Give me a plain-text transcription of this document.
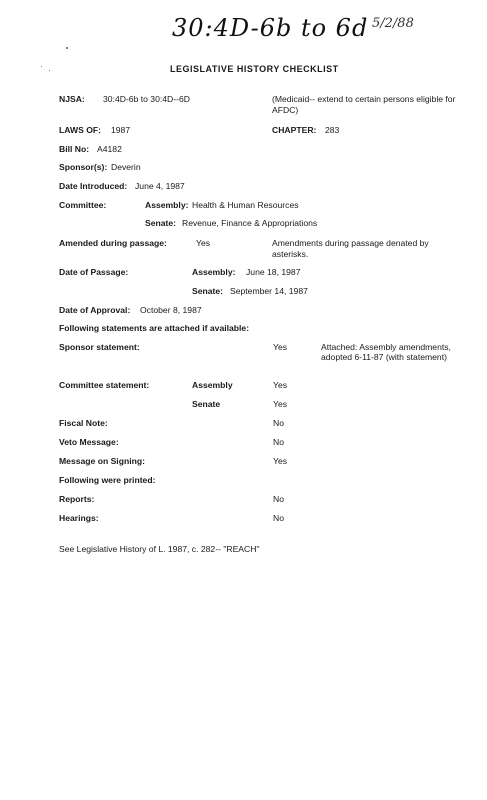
30:4D-6b to 6d 5/2/88
LEGISLATIVE HISTORY CHECKLIST
NJSA: 30:4D-6b to 30:4D--6D	(Medicaid-- extend to certain persons eligible for AFDC)
LAWS OF: 1987	CHAPTER: 283
Bill No: A4182
Sponsor(s): Deverin
Date Introduced: June 4, 1987
Committee:	Assembly: Health & Human Resources
Senate: Revenue, Finance & Appropriations
Amended during passage:	Yes	Amendments during passage denated by asterisks.
Date of Passage:	Assembly: June 18, 1987
Senate: September 14, 1987
Date of Approval: October 8, 1987
Following statements are attached if available:
Sponsor statement:	Yes	Attached: Assembly amendments, adopted 6-11-87 (with statement)
Committee statement:	Assembly	Yes
Senate	Yes
Fiscal Note:	No
Veto Message:	No
Message on Signing:	Yes
Following were printed:
Reports:	No
Hearings:	No
See Legislative History of L. 1987, c. 282-- "REACH"
